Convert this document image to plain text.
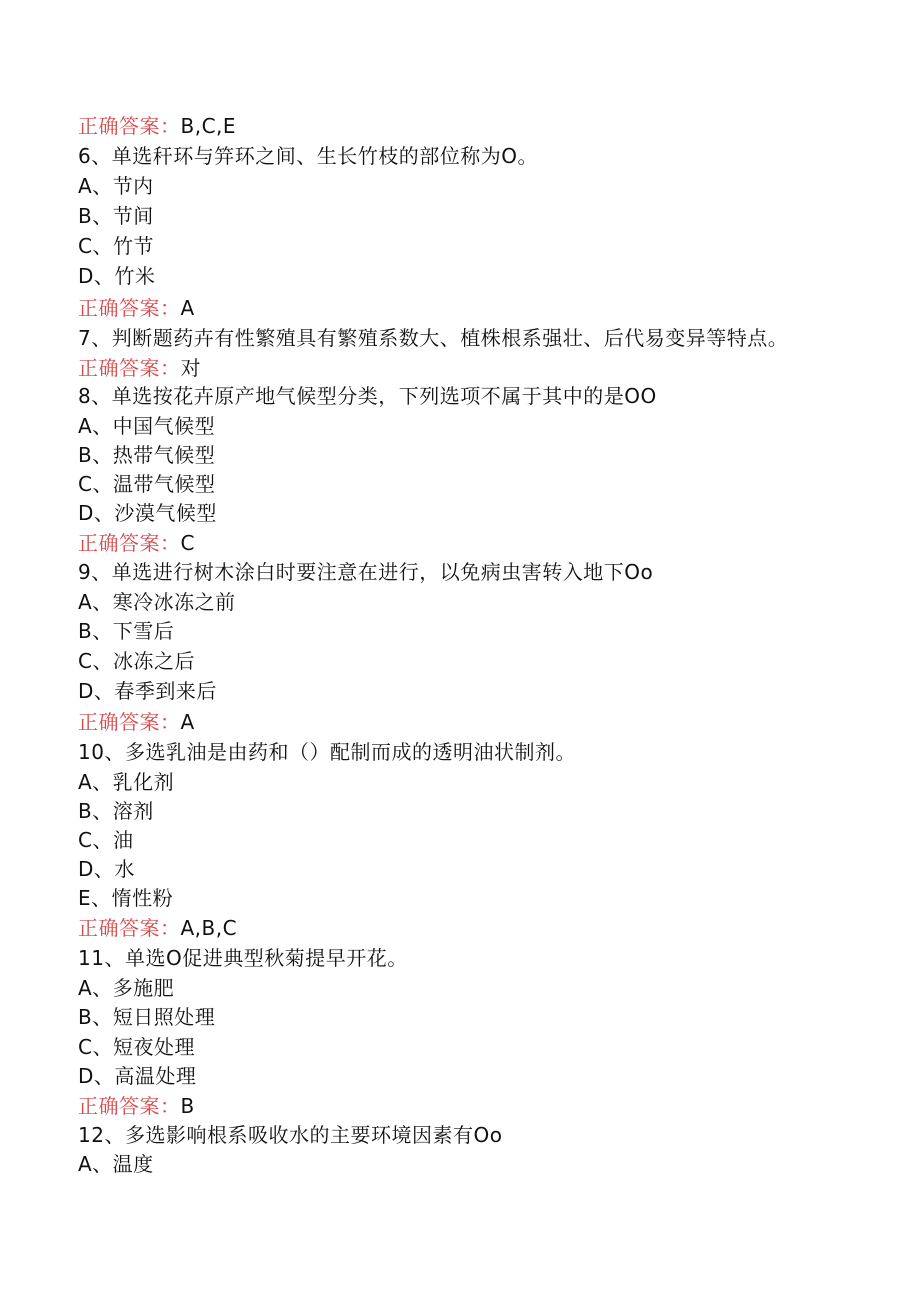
正确答案：B,C,E
6、单选秆环与笄环之间、生长竹枝的部位称为O。
A、节内
B、节间
C、竹节
D、竹米
正确答案：A
7、判断题药卉有性繁殖具有繁殖系数大、植株根系强壮、后代易变异等特点。
正确答案：对
8、单选按花卉原产地气候型分类，下列选项不属于其中的是OO
A、中国气候型
B、热带气候型
C、温带气候型
D、沙漠气候型
正确答案：C
9、单选进行树木涂白时要注意在进行，以免病虫害转入地下Oo
A、寒冷冰冻之前
B、下雪后
C、冰冻之后
D、春季到来后
正确答案：A
10、多选乳油是由药和（）配制而成的透明油状制剂。
A、乳化剂
B、溶剂
C、油
D、水
E、惰性粉
正确答案：A,B,C
11、单选O促进典型秋菊提早开花。
A、多施肥
B、短日照处理
C、短夜处理
D、高温处理
正确答案：B
12、多选影响根系吸收水的主要环境因素有Oo
A、温度
